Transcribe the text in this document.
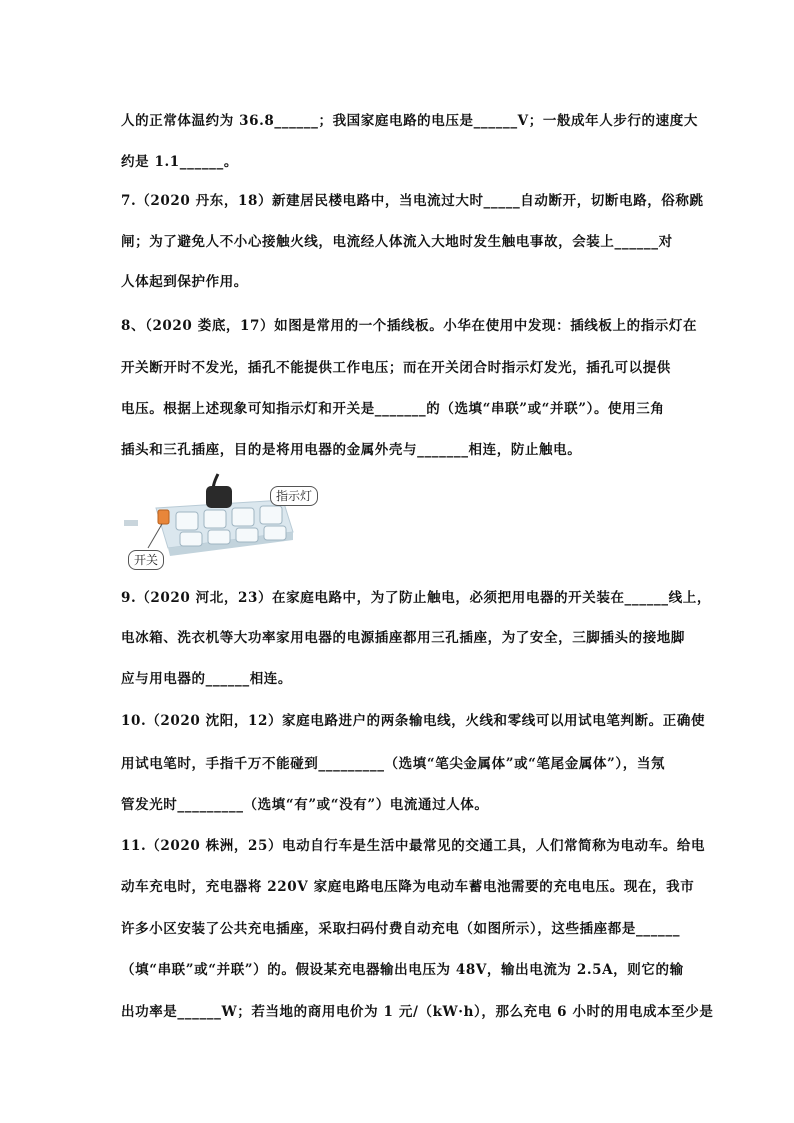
人的正常体温约为 36.8______；我国家庭电路的电压是______V；一般成年人步行的速度大
约是 1.1______。
7.（2020 丹东，18）新建居民楼电路中，当电流过大时_____自动断开，切断电路，俗称跳
闸；为了避免人不小心接触火线，电流经人体流入大地时发生触电事故，会装上______对
人体起到保护作用。
8、（2020 娄底，17）如图是常用的一个插线板。小华在使用中发现：插线板上的指示灯在
开关断开时不发光，插孔不能提供工作电压；而在开关闭合时指示灯发光，插孔可以提供
电压。根据上述现象可知指示灯和开关是_______的（选填“串联”或“并联”）。使用三角
插头和三孔插座，目的是将用电器的金属外壳与_______相连，防止触电。
指示灯
开关
9.（2020 河北，23）在家庭电路中，为了防止触电，必须把用电器的开关装在______线上，
电冰箱、洗衣机等大功率家用电器的电源插座都用三孔插座，为了安全，三脚插头的接地脚
应与用电器的______相连。
10.（2020 沈阳，12）家庭电路进户的两条输电线，火线和零线可以用试电笔判断。正确使
用试电笔时，手指千万不能碰到_________（选填“笔尖金属体”或“笔尾金属体”），当氖
管发光时_________（选填“有”或“没有”）电流通过人体。
11.（2020 株洲，25）电动自行车是生活中最常见的交通工具，人们常简称为电动车。给电
动车充电时，充电器将 220V 家庭电路电压降为电动车蓄电池需要的充电电压。现在，我市
许多小区安装了公共充电插座，采取扫码付费自动充电（如图所示），这些插座都是______
（填“串联”或“并联”）的。假设某充电器输出电压为 48V，输出电流为 2.5A，则它的输
出功率是______W；若当地的商用电价为 1 元/（kW·h），那么充电 6 小时的用电成本至少是
